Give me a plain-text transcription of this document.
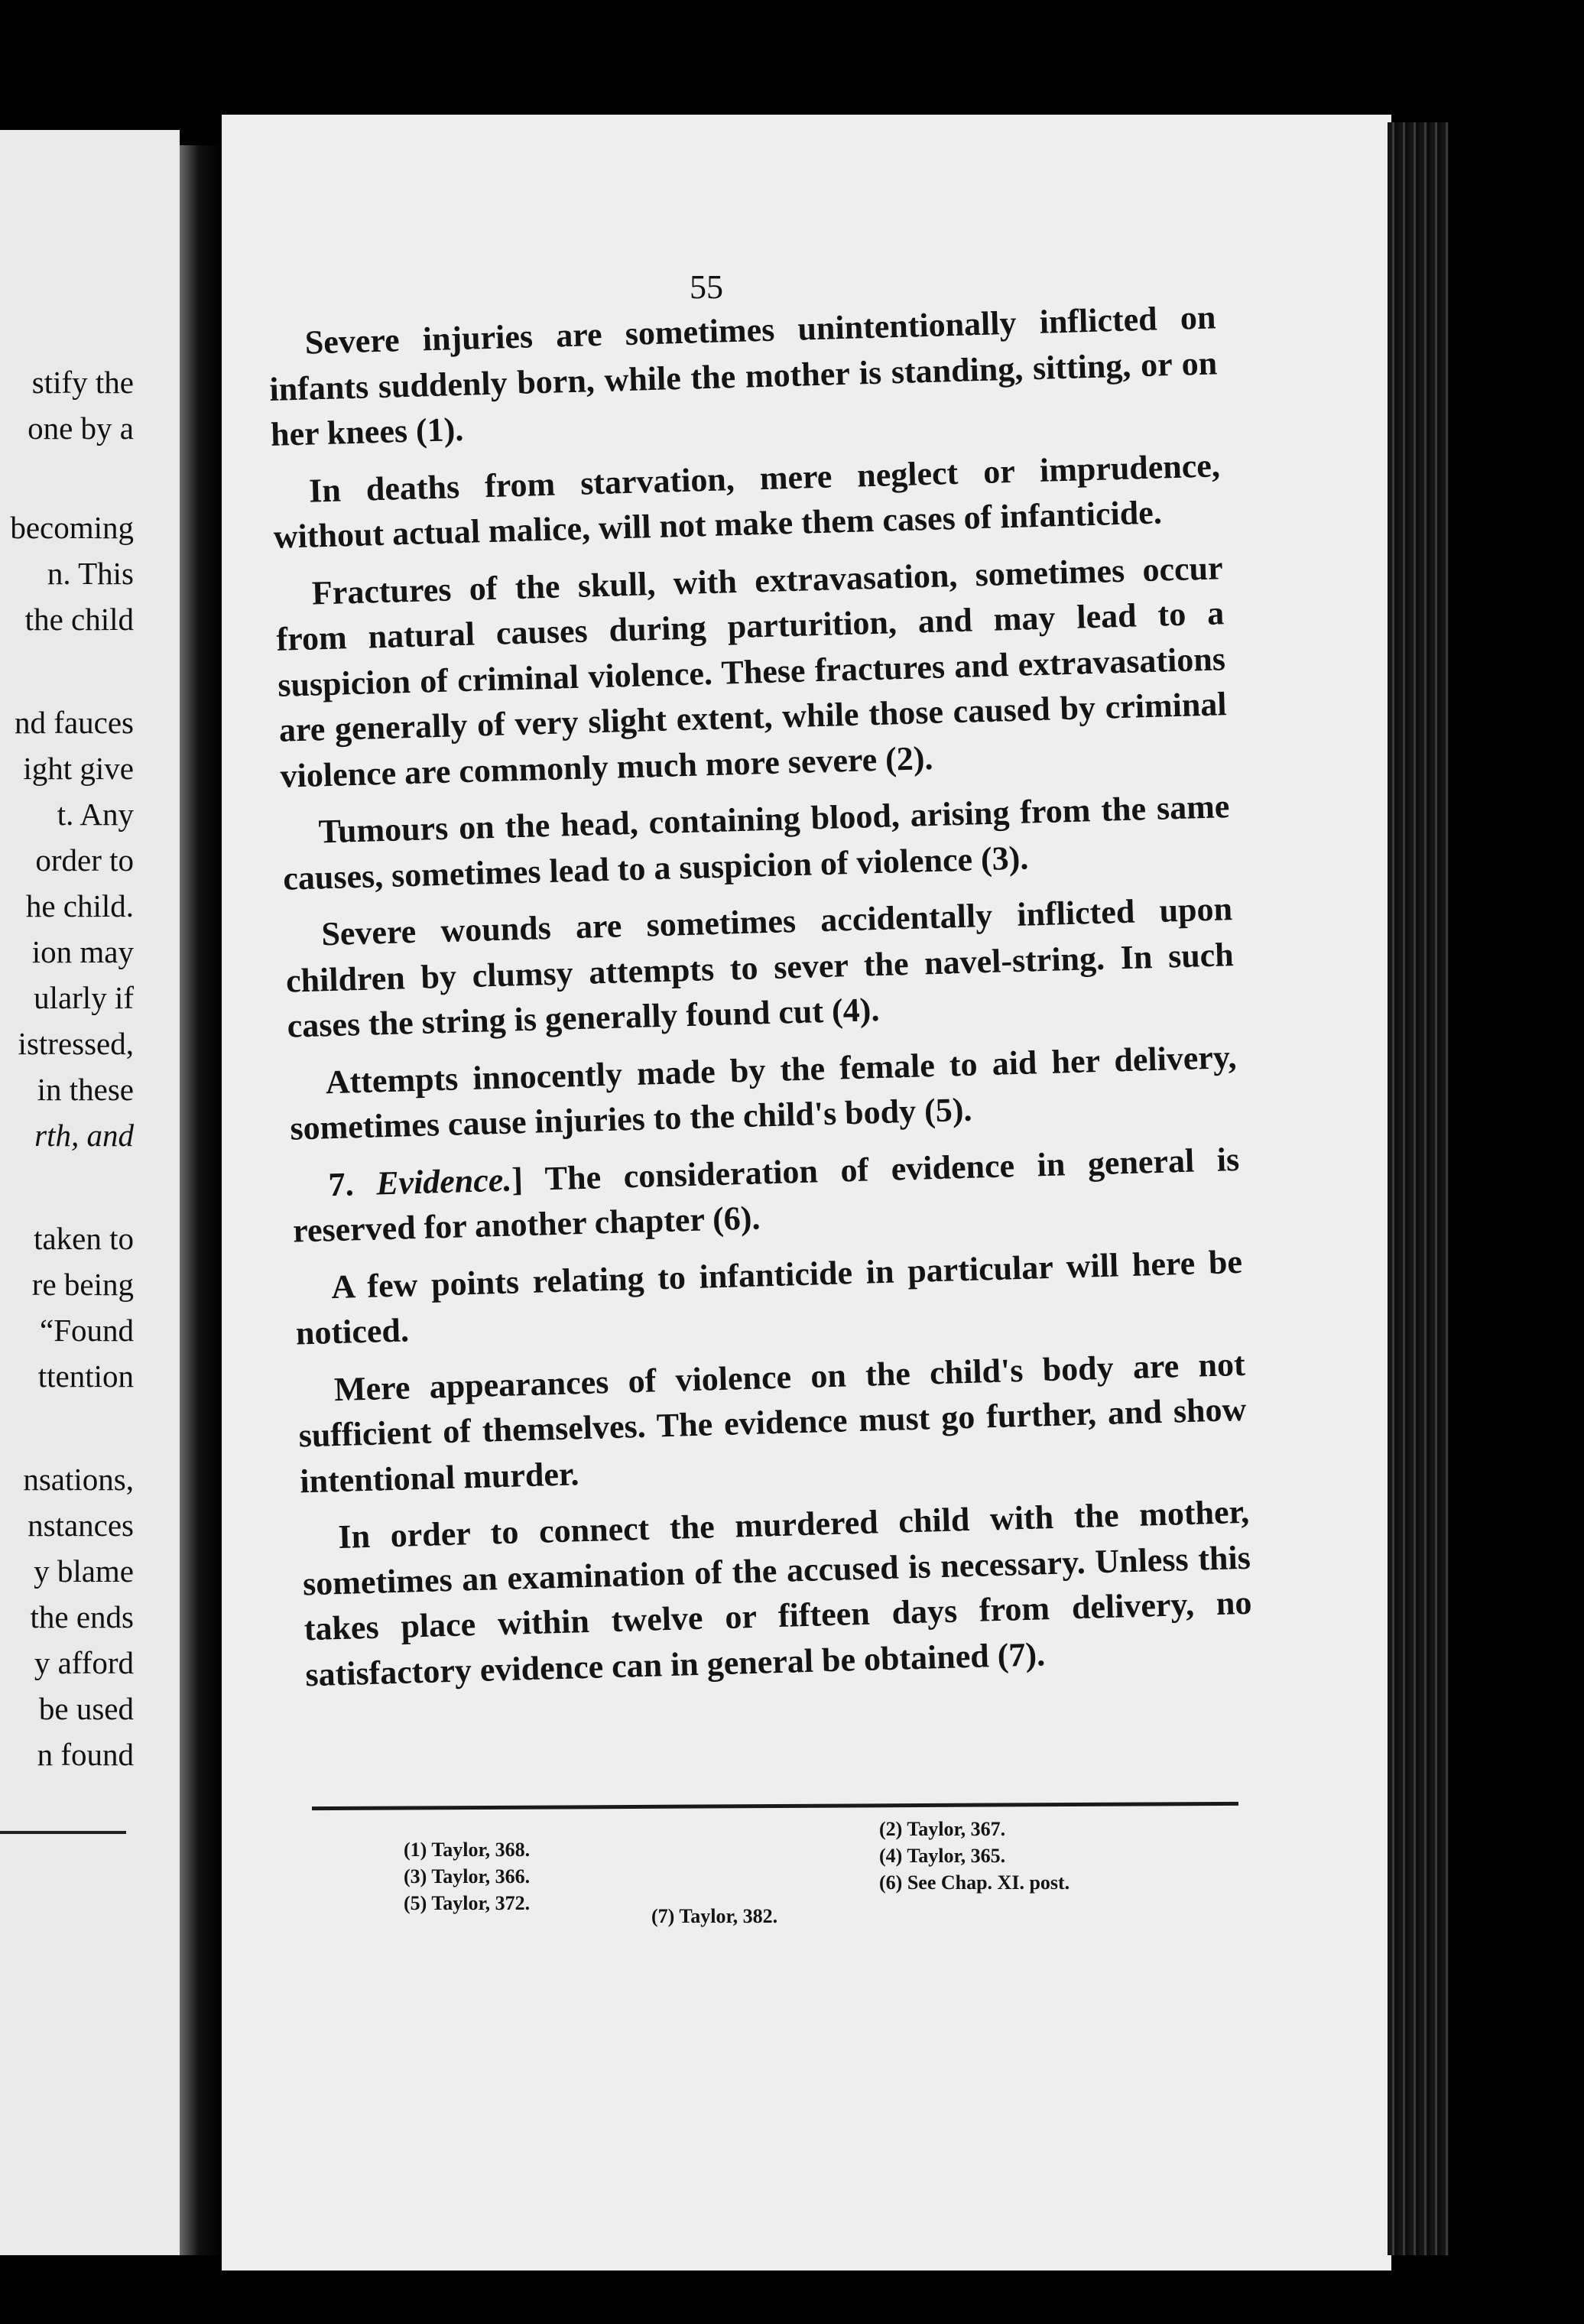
stify the
one by a
becoming
n. This
the child
nd fauces
ight give
t. Any
order to
he child.
ion may
ularly if
istressed,
in these
rth, and
taken to
re being
“Found
ttention
nsations,
nstances
y blame
the ends
y afford
be used
n found
55

Severe injuries are sometimes unintentionally inflicted on infants suddenly born, while the mother is standing, sitting, or on her knees (1).

In deaths from starvation, mere neglect or imprudence, without actual malice, will not make them cases of infanticide.

Fractures of the skull, with extravasation, sometimes occur from natural causes during parturition, and may lead to a suspicion of criminal violence. These fractures and extravasations are generally of very slight extent, while those caused by criminal violence are commonly much more severe (2).

Tumours on the head, containing blood, arising from the same causes, sometimes lead to a suspicion of violence (3).

Severe wounds are sometimes accidentally inflicted upon children by clumsy attempts to sever the navel-string. In such cases the string is generally found cut (4).

Attempts innocently made by the female to aid her delivery, sometimes cause injuries to the child's body (5).

7. Evidence.] The consideration of evidence in general is reserved for another chapter (6).

A few points relating to infanticide in particular will here be noticed.

Mere appearances of violence on the child's body are not sufficient of themselves. The evidence must go further, and show intentional murder.

In order to connect the murdered child with the mother, sometimes an examination of the accused is necessary. Unless this takes place within twelve or fifteen days from delivery, no satisfactory evidence can in general be obtained (7).

(1) Taylor, 368.
(3) Taylor, 366.
(5) Taylor, 372.
(7) Taylor, 382.
(2) Taylor, 367.
(4) Taylor, 365.
(6) See Chap. XI. post.
